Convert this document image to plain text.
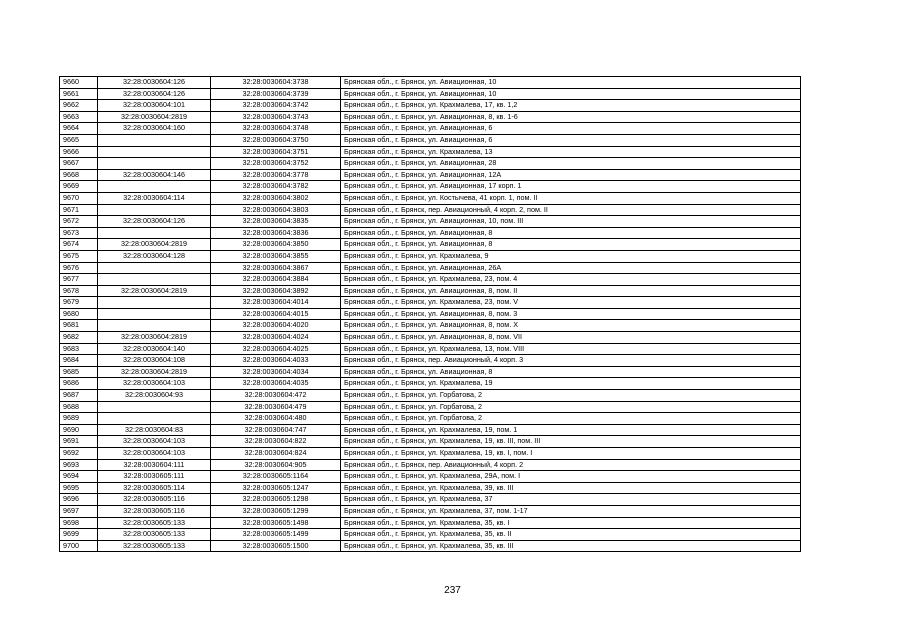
9660	32:28:0030604:126	32:28:0030604:3738	Брянская обл., г. Брянск, ул. Авиационная, 10
9661	32:28:0030604:126	32:28:0030604:3739	Брянская обл., г. Брянск, ул. Авиационная, 10
9662	32:28:0030604:101	32:28:0030604:3742	Брянская обл., г. Брянск, ул. Крахмалева, 17, кв. 1,2
9663	32:28:0030604:2819	32:28:0030604:3743	Брянская обл., г. Брянск, ул. Авиационная, 8, кв. 1-6
9664	32:28:0030604:160	32:28:0030604:3748	Брянская обл., г. Брянск, ул. Авиационная, 6
9665		32:28:0030604:3750	Брянская обл., г. Брянск, ул. Авиационная, 6
9666		32:28:0030604:3751	Брянская обл., г. Брянск, ул. Крахмалева, 13
9667		32:28:0030604:3752	Брянская обл., г. Брянск, ул. Авиационная, 28
9668	32:28:0030604:146	32:28:0030604:3778	Брянская обл., г. Брянск, ул. Авиационная, 12А
9669		32:28:0030604:3782	Брянская обл., г. Брянск, ул. Авиационная, 17 корп. 1
9670	32:28:0030604:114	32:28:0030604:3802	Брянская обл., г. Брянск, ул. Костычева, 41 корп. 1, пом. II
9671		32:28:0030604:3803	Брянская обл., г. Брянск, пер. Авиационный, 4 корп. 2, пом. II
9672	32:28:0030604:126	32:28:0030604:3835	Брянская обл., г. Брянск, ул. Авиационная, 10, пом. III
9673		32:28:0030604:3836	Брянская обл., г. Брянск, ул. Авиационная, 8
9674	32:28:0030604:2819	32:28:0030604:3850	Брянская обл., г. Брянск, ул. Авиационная, 8
9675	32:28:0030604:128	32:28:0030604:3855	Брянская обл., г. Брянск, ул. Крахмалева, 9
9676		32:28:0030604:3867	Брянская обл., г. Брянск, ул. Авиационная, 26А
9677		32:28:0030604:3884	Брянская обл., г. Брянск, ул. Крахмалева, 23, пом. 4
9678	32:28:0030604:2819	32:28:0030604:3892	Брянская обл., г. Брянск, ул. Авиационная, 8, пом. II
9679		32:28:0030604:4014	Брянская обл., г. Брянск, ул. Крахмалева, 23, пом. V
9680		32:28:0030604:4015	Брянская обл., г. Брянск, ул. Авиационная, 8, пом. 3
9681		32:28:0030604:4020	Брянская обл., г. Брянск, ул. Авиационная, 8, пом. X
9682	32:28:0030604:2819	32:28:0030604:4024	Брянская обл., г. Брянск, ул. Авиационная, 8, пом. VII
9683	32:28:0030604:140	32:28:0030604:4025	Брянская обл., г. Брянск, ул. Крахмалева, 13, пом. VIII
9684	32:28:0030604:108	32:28:0030604:4033	Брянская обл., г. Брянск, пер. Авиационный, 4 корп. 3
9685	32:28:0030604:2819	32:28:0030604:4034	Брянская обл., г. Брянск, ул. Авиационная, 8
9686	32:28:0030604:103	32:28:0030604:4035	Брянская обл., г. Брянск, ул. Крахмалева, 19
9687	32:28:0030604:93	32:28:0030604:472	Брянская обл., г. Брянск, ул. Горбатова, 2
9688		32:28:0030604:479	Брянская обл., г. Брянск, ул. Горбатова, 2
9689		32:28:0030604:480	Брянская обл., г. Брянск, ул. Горбатова, 2
9690	32:28:0030604:83	32:28:0030604:747	Брянская обл., г. Брянск, ул. Крахмалева, 19, пом. 1
9691	32:28:0030604:103	32:28:0030604:822	Брянская обл., г. Брянск, ул. Крахмалева, 19, кв. III, пом. III
9692	32:28:0030604:103	32:28:0030604:824	Брянская обл., г. Брянск, ул. Крахмалева, 19, кв. I, пом. I
9693	32:28:0030604:111	32:28:0030604:905	Брянская обл., г. Брянск, пер. Авиационный, 4 корп. 2
9694	32:28:0030605:111	32:28:0030605:1164	Брянская обл., г. Брянск, ул. Крахмалева, 29А, пом. I
9695	32:28:0030605:114	32:28:0030605:1247	Брянская обл., г. Брянск, ул. Крахмалева, 39, кв. III
9696	32:28:0030605:116	32:28:0030605:1298	Брянская обл., г. Брянск, ул. Крахмалева, 37
9697	32:28:0030605:116	32:28:0030605:1299	Брянская обл., г. Брянск, ул. Крахмалева, 37, пом. 1-17
9698	32:28:0030605:133	32:28:0030605:1498	Брянская обл., г. Брянск, ул. Крахмалева, 35, кв. I
9699	32:28:0030605:133	32:28:0030605:1499	Брянская обл., г. Брянск, ул. Крахмалева, 35, кв. II
9700	32:28:0030605:133	32:28:0030605:1500	Брянская обл., г. Брянск, ул. Крахмалева, 35, кв. III
237
